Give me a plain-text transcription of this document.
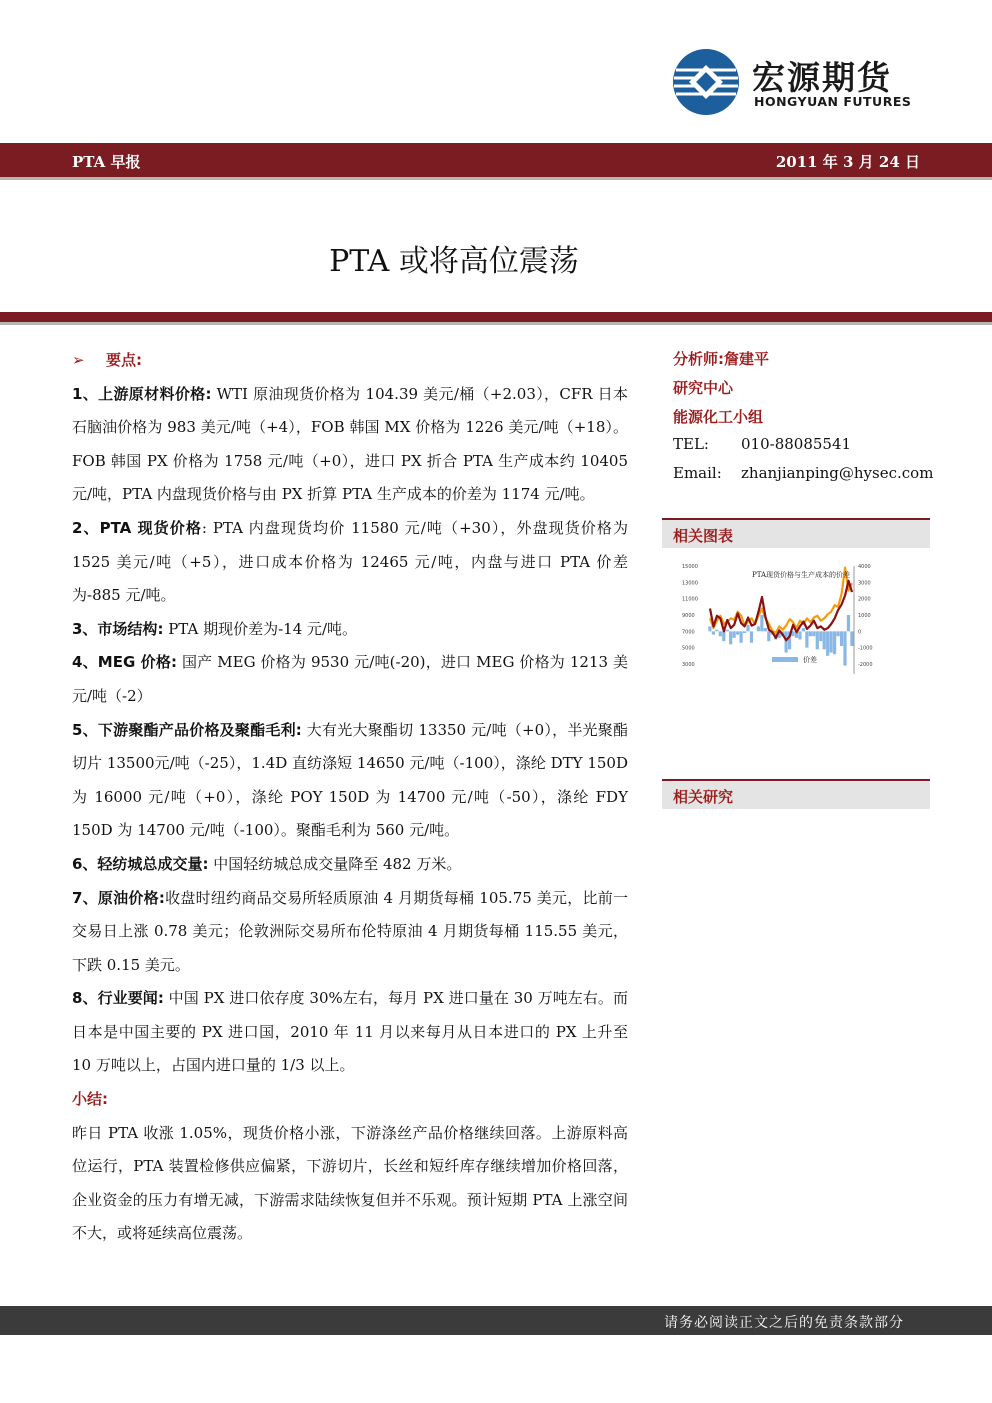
宏源期货
HONGYUAN FUTURES
PTA 早报	2011 年 3 月 24 日
PTA 或将高位震荡

➢ 要点:

1、上游原材料价格: WTI 原油现货价格为 104.39 美元/桶（+2.03），CFR 日本石脑油价格为 983 美元/吨（+4），FOB 韩国 MX 价格为 1226 美元/吨（+18）。FOB 韩国 PX 价格为 1758 元/吨（+0），进口 PX 折合 PTA 生产成本约 10405 元/吨，PTA 内盘现货价格与由 PX 折算 PTA 生产成本的价差为 1174 元/吨。

2、PTA 现货价格: PTA 内盘现货均价 11580 元/吨（+30），外盘现货价格为 1525 美元/吨（+5），进口成本价格为 12465 元/吨，内盘与进口 PTA 价差为-885 元/吨。

3、市场结构: PTA 期现价差为-14 元/吨。

4、MEG 价格: 国产 MEG 价格为 9530 元/吨(-20)，进口 MEG 价格为 1213 美元/吨（-2）

5、下游聚酯产品价格及聚酯毛利: 大有光大聚酯切 13350 元/吨（+0），半光聚酯切片 13500元/吨（-25），1.4D 直纺涤短 14650 元/吨（-100），涤纶 DTY 150D 为 16000 元/吨（+0），涤纶 POY 150D 为 14700 元/吨（-50），涤纶 FDY 150D 为 14700 元/吨（-100）。聚酯毛利为 560 元/吨。

6、轻纺城总成交量: 中国轻纺城总成交量降至 482 万米。

7、原油价格:收盘时纽约商品交易所轻质原油 4 月期货每桶 105.75 美元，比前一交易日上涨 0.78 美元；伦敦洲际交易所布伦特原油 4 月期货每桶 115.55 美元，下跌 0.15 美元。

8、行业要闻: 中国 PX 进口依存度 30%左右，每月 PX 进口量在 30 万吨左右。而日本是中国主要的 PX 进口国，2010 年 11 月以来每月从日本进口的 PX 上升至 10 万吨以上，占国内进口量的 1/3 以上。

小结:

昨日 PTA 收涨 1.05%，现货价格小涨，下游涤丝产品价格继续回落。上游原料高位运行，PTA 装置检修供应偏紧，下游切片，长丝和短纤库存继续增加价格回落，企业资金的压力有增无减，下游需求陆续恢复但并不乐观。预计短期 PTA 上涨空间不大，或将延续高位震荡。

分析师:詹建平
研究中心
能源化工小组
TEL: 010-88085541
Email: zhanjianping@hysec.com
相关图表
15000
13000
11000
9000
7000
5000
3000
4000
3000
2000
1000
0
-1000
-2000
PTA现货价格与生产成本的价差
价差
相关研究
请务必阅读正文之后的免责条款部分
